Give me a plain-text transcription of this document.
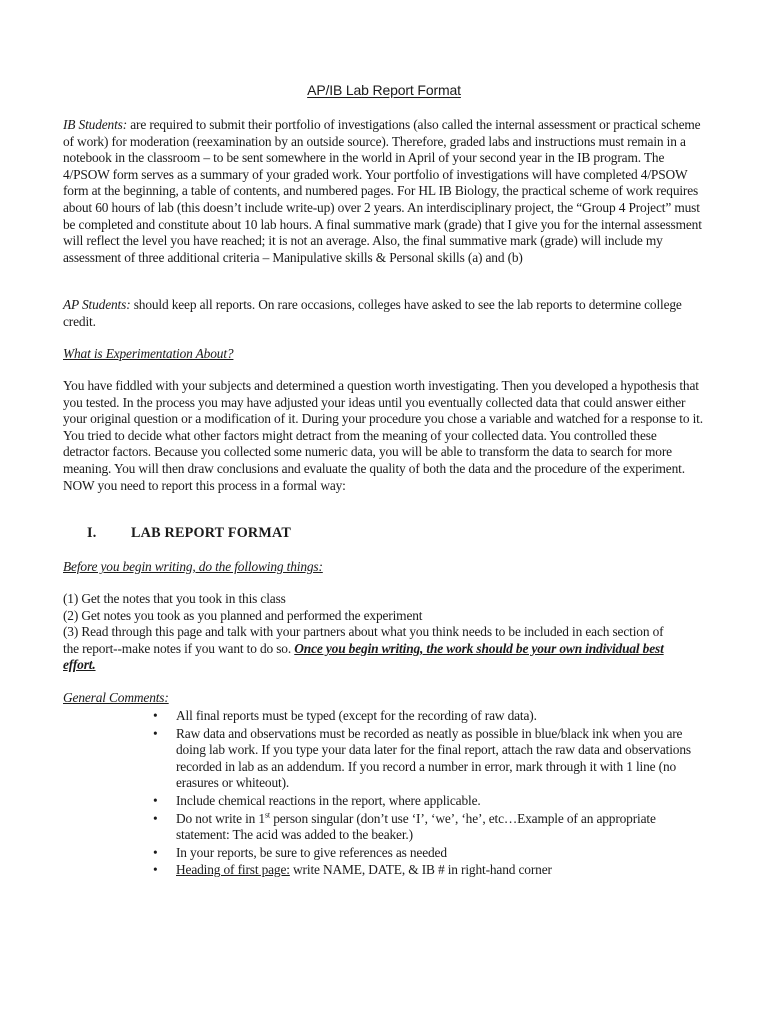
AP/IB Lab Report Format

IB Students: are required to submit their portfolio of investigations (also called the internal assessment or practical scheme of work) for moderation (reexamination by an outside source). Therefore, graded labs and instructions must remain in a notebook in the classroom – to be sent somewhere in the world in April of your second year in the IB program. The 4/PSOW form serves as a summary of your graded work. Your portfolio of investigations will have completed 4/PSOW form at the beginning, a table of contents, and numbered pages. For HL IB Biology, the practical scheme of work requires about 60 hours of lab (this doesn’t include write-up) over 2 years. An interdisciplinary project, the “Group 4 Project” must be completed and constitute about 10 lab hours. A final summative mark (grade) that I give you for the internal assessment will reflect the level you have reached; it is not an average. Also, the final summative mark (grade) will include my assessment of three additional criteria – Manipulative skills & Personal skills (a) and (b)

AP Students: should keep all reports. On rare occasions, colleges have asked to see the lab reports to determine college credit.

What is Experimentation About?

You have fiddled with your subjects and determined a question worth investigating. Then you developed a hypothesis that you tested. In the process you may have adjusted your ideas until you eventually collected data that could answer either your original question or a modification of it. During your procedure you chose a variable and watched for a response to it. You tried to decide what other factors might detract from the meaning of your collected data. You controlled these detractor factors. Because you collected some numeric data, you will be able to transform the data to search for more meaning. You will then draw conclusions and evaluate the quality of both the data and the procedure of the experiment. NOW you need to report this process in a formal way:

I. LAB REPORT FORMAT

Before you begin writing, do the following things:

(1) Get the notes that you took in this class
(2) Get notes you took as you planned and performed the experiment
(3) Read through this page and talk with your partners about what you think needs to be included in each section of
the report--make notes if you want to do so. Once you begin writing, the work should be your own individual best
effort.

General Comments:

• All final reports must be typed (except for the recording of raw data).
• Raw data and observations must be recorded as neatly as possible in blue/black ink when you are doing lab work. If you type your data later for the final report, attach the raw data and observations recorded in lab as an addendum. If you record a number in error, mark through it with 1 line (no erasures or whiteout).
• Include chemical reactions in the report, where applicable.
• Do not write in 1st person singular (don’t use ‘I’, ‘we’, ‘he’, etc…Example of an appropriate statement: The acid was added to the beaker.)
• In your reports, be sure to give references as needed
• Heading of first page: write NAME, DATE, & IB # in right-hand corner
